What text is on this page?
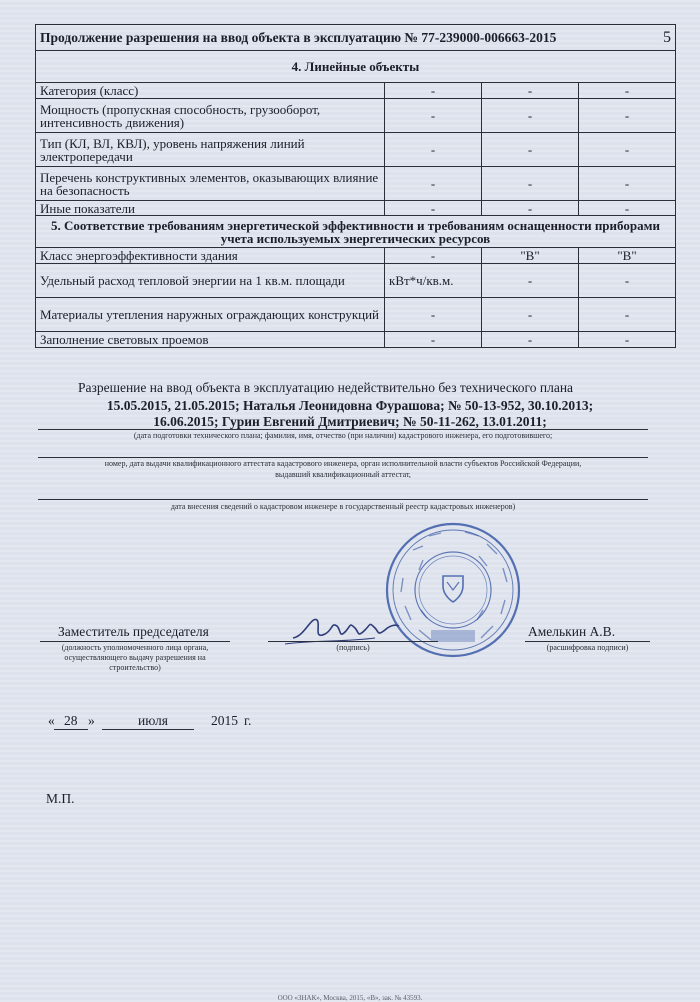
5
Продолжение разрешения на ввод объекта в эксплуатацию № 77-239000-006663-2015			
4. Линейные объекты			
Категория (класс)	-	-	-
Мощность (пропускная способность, грузооборот, интенсивность движения)	-	-	-
Тип (КЛ, ВЛ, КВЛ), уровень напряжения линий электропередачи	-	-	-
Перечень конструктивных элементов, оказывающих влияние на безопасность	-	-	-
Иные показатели	-	-	-
5. Соответствие требованиям энергетической эффективности и требованиям оснащенности приборами учета используемых энергетических ресурсов			
Класс энергоэффективности здания	-	"В"	"В"
Удельный расход тепловой энергии на 1 кв.м. площади	кВт*ч/кв.м.	-	-
Материалы утепления наружных ограждающих конструкций	-	-	-
Заполнение световых проемов	-	-	-
Разрешение на ввод объекта в эксплуатацию недействительно без технического плана
15.05.2015, 21.05.2015; Наталья Леонидовна Фурашова; № 50-13-952, 30.10.2013;
16.06.2015; Гурин Евгений Дмитриевич; № 50-11-262, 13.01.2011;
(дата подготовки технического плана; фамилия, имя, отчество (при наличии) кадастрового инженера, его подготовившего;
номер, дата выдачи квалификационного аттестата кадастрового инженера, орган исполнительной власти субъектов Российской Федерации,
выдавший квалификационный аттестат,
дата внесения сведений о кадастровом инженере в государственный реестр кадастровых инженеров)
Заместитель председателя
(должность уполномоченного лица органа, осуществляющего выдачу разрешения на строительство)
(подпись)
Амелькин А.В.
(расшифровка подписи)
« 28 »	июля	2015 г.
М.П.
ООО «ЗНАК», Москва, 2015, «В», зак. № 43593.
